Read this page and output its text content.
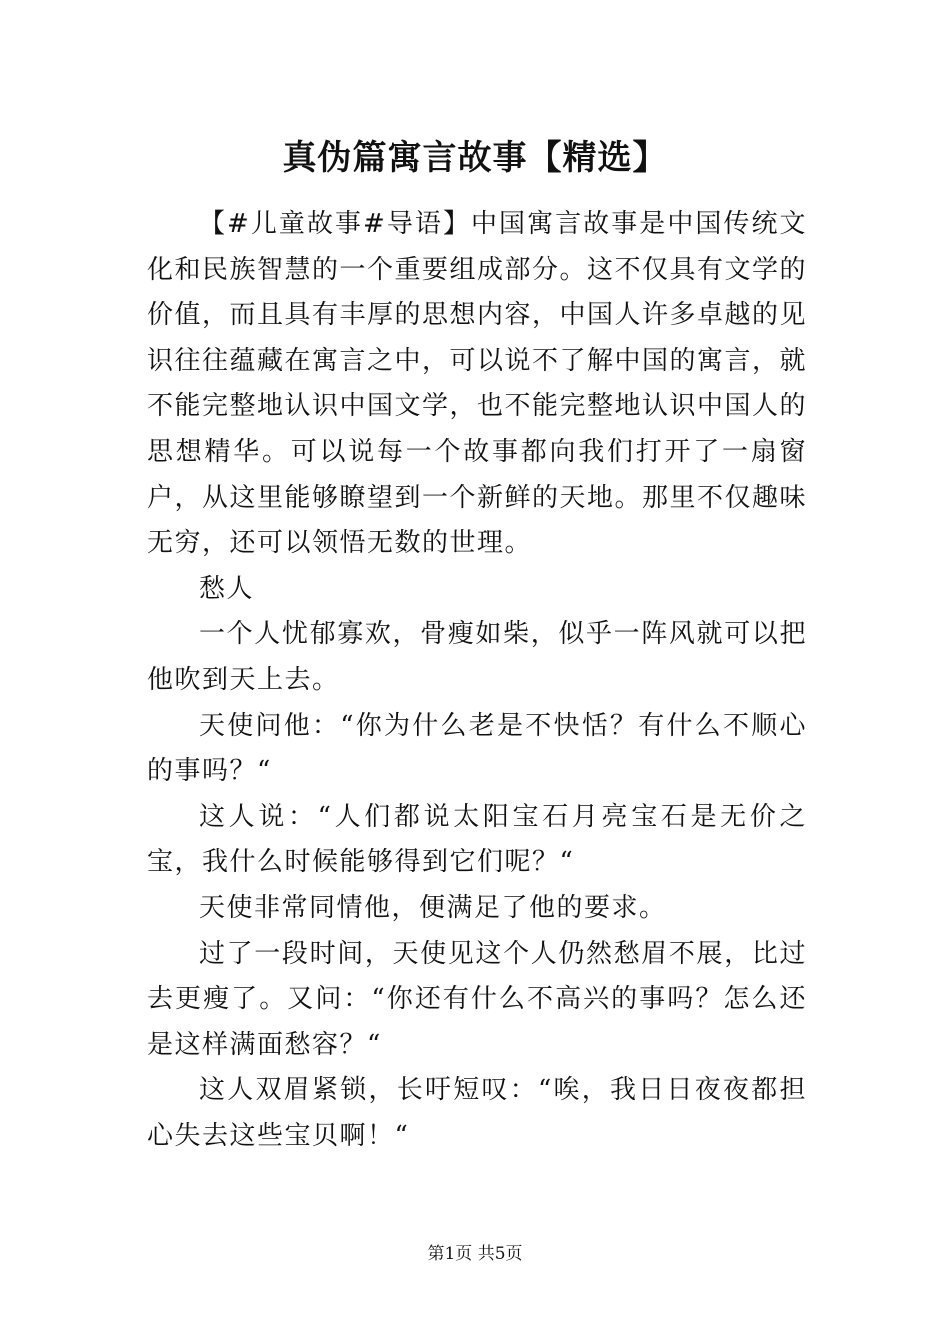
真伪篇寓言故事【精选】

【#儿童故事#导语】中国寓言故事是中国传统文化和民族智慧的一个重要组成部分。这不仅具有文学的价值，而且具有丰厚的思想内容，中国人许多卓越的见识往往蕴藏在寓言之中，可以说不了解中国的寓言，就不能完整地认识中国文学，也不能完整地认识中国人的思想精华。可以说每一个故事都向我们打开了一扇窗户，从这里能够瞭望到一个新鲜的天地。那里不仅趣味无穷，还可以领悟无数的世理。

愁人

一个人忧郁寡欢，骨瘦如柴，似乎一阵风就可以把他吹到天上去。

天使问他：“你为什么老是不快恬？有什么不顺心的事吗？“

这人说：“人们都说太阳宝石月亮宝石是无价之宝，我什么时候能够得到它们呢？“

天使非常同情他，便满足了他的要求。

过了一段时间，天使见这个人仍然愁眉不展，比过去更瘦了。又问：“你还有什么不高兴的事吗？怎么还是这样满面愁容？“

这人双眉紧锁，长吁短叹：“唉，我日日夜夜都担心失去这些宝贝啊！“

第1页 共5页
